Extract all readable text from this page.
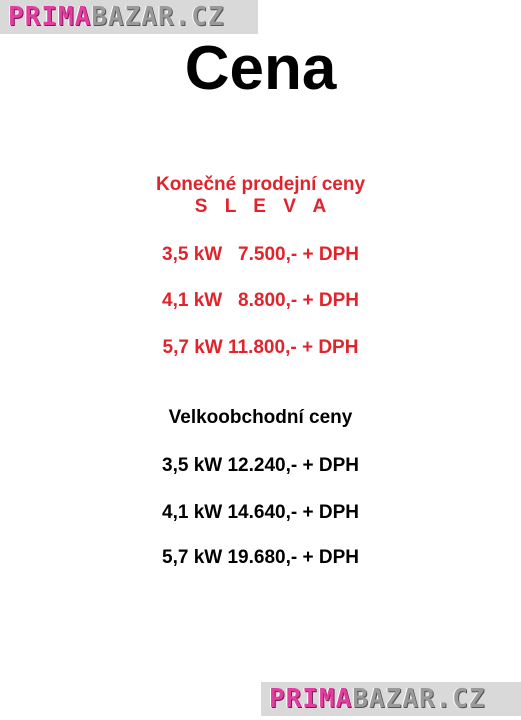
PRIMA BAZAR.CZ
Cena
Konečné prodejní ceny
S L E V A
3,5 kW   7.500,- + DPH
4,1 kW   8.800,- + DPH
5,7 kW 11.800,- + DPH
Velkoobchodní ceny
3,5 kW 12.240,- + DPH
4,1 kW 14.640,- + DPH
5,7 kW 19.680,- + DPH
PRIMA BAZAR.CZ
